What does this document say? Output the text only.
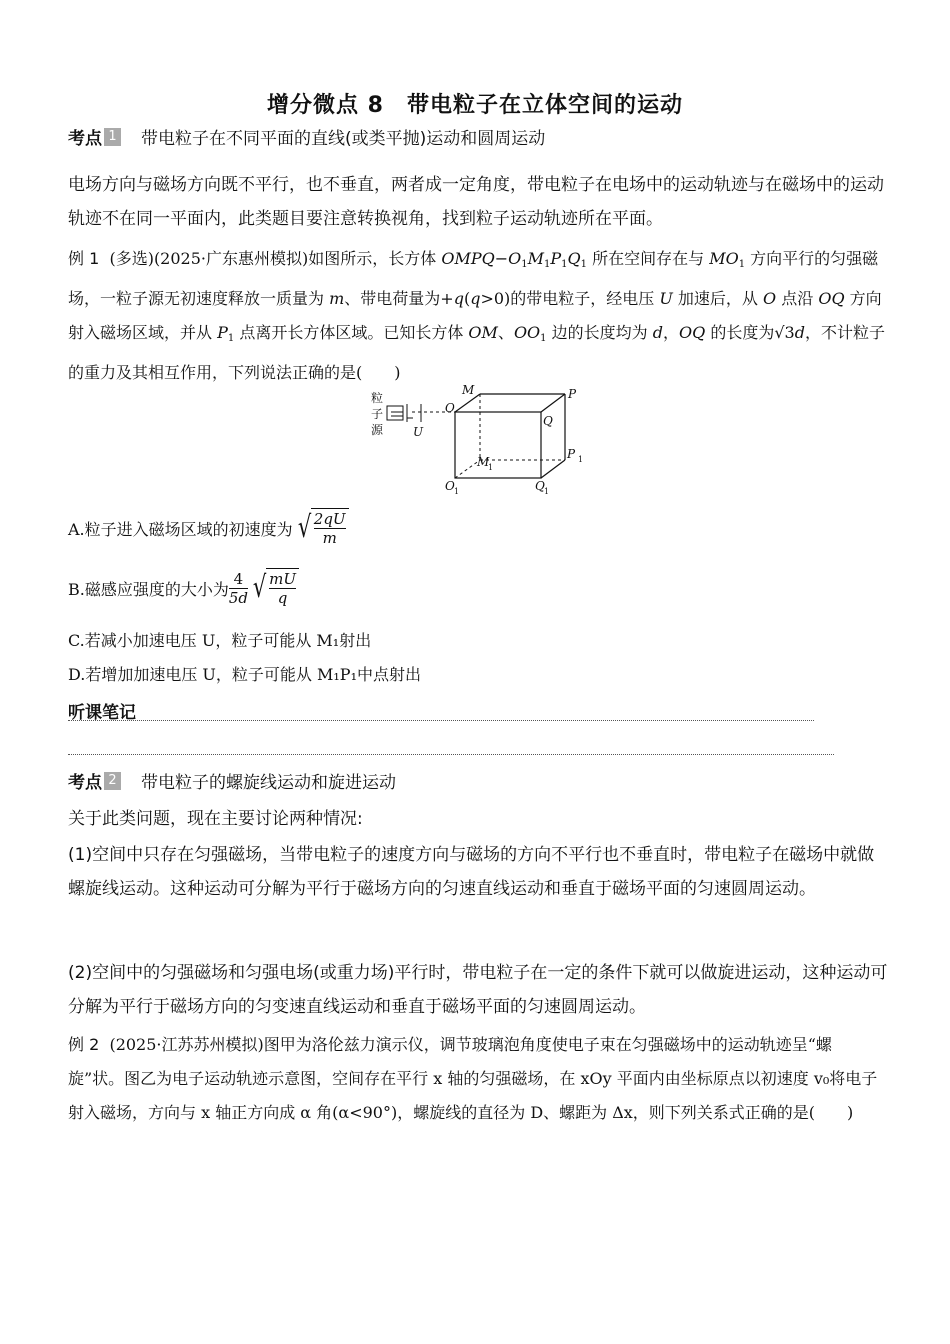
增分微点 8　带电粒子在立体空间的运动
考点 1 带电粒子在不同平面的直线(或类平抛)运动和圆周运动
电场方向与磁场方向既不平行，也不垂直，两者成一定角度，带电粒子在电场中的运动轨迹与在磁场中的运动轨迹不在同一平面内，此类题目要注意转换视角，找到粒子运动轨迹所在平面。
例 1 (多选)(2025·广东惠州模拟)如图所示，长方体 $OMPQ-O_1M_1P_1Q_1$ 所在空间存在与 $MO_1$ 方向平行的匀强磁场，一粒子源无初速度释放一质量为 m、带电荷量为+q(q>0)的带电粒子，经电压 U 加速后，从 O 点沿 OQ 方向射入磁场区域，并从 $P_1$ 点离开长方体区域。已知长方体 OM、$OO_1$ 边的长度均为 d，OQ 的长度为√3d，不计粒子的重力及其相互作用，下列说法正确的是(　　)
粒
子
源 U
O
M	P
Q
M
1
P 1
O 1	Q 1
A.粒子进入磁场区域的初速度为 √ $\frac{2qU}{m}$
B.磁感应强度的大小为 $\frac{4}{5d}$ √ $\frac{mU}{q}$
C.若减小加速电压 U，粒子可能从 M₁射出
D.若增加加速电压 U，粒子可能从 M₁P₁中点射出
听课笔记
考点 2 带电粒子的螺旋线运动和旋进运动
关于此类问题，现在主要讨论两种情况:
(1)空间中只存在匀强磁场，当带电粒子的速度方向与磁场的方向不平行也不垂直时，带电粒子在磁场中就做螺旋线运动。这种运动可分解为平行于磁场方向的匀速直线运动和垂直于磁场平面的匀速圆周运动。
(2)空间中的匀强磁场和匀强电场(或重力场)平行时，带电粒子在一定的条件下就可以做旋进运动，这种运动可分解为平行于磁场方向的匀变速直线运动和垂直于磁场平面的匀速圆周运动。
例 2 (2025·江苏苏州模拟)图甲为洛伦兹力演示仪，调节玻璃泡角度使电子束在匀强磁场中的运动轨迹呈“螺旋”状。图乙为电子运动轨迹示意图，空间存在平行 x 轴的匀强磁场，在 xOy 平面内由坐标原点以初速度 v₀将电子射入磁场，方向与 x 轴正方向成 α 角(α<90°)，螺旋线的直径为 D、螺距为 Δx，则下列关系式正确的是(　　)
